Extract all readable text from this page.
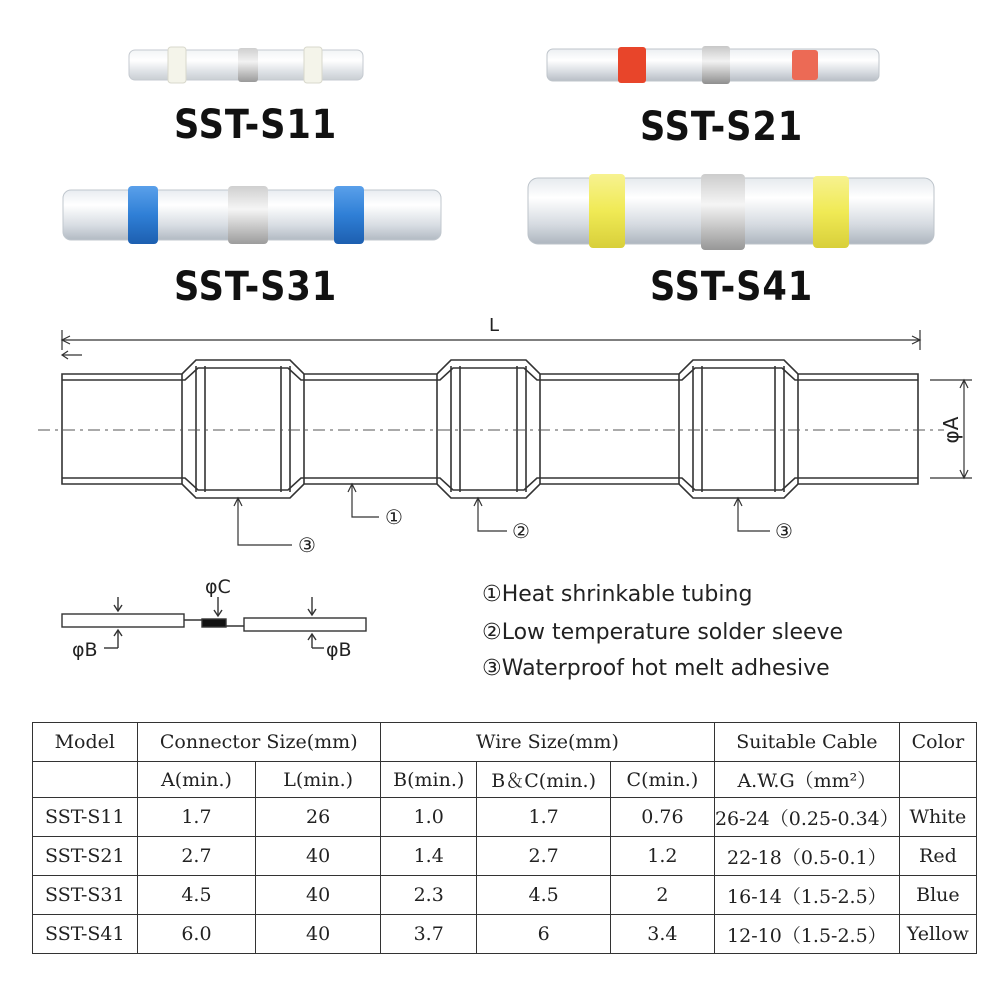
SST-S11	SST-S21
SST-S31	SST-S41
L
φA
③
①
②	③
φC
φB	φB
①Heat shrinkable tubing
②Low temperature solder sleeve
③Waterproof hot melt adhesive
Model	Connector Size(mm)		Wire Size(mm)			Suitable Cable	Color
	A(min.)	L(min.)	B(min.)	B＆C(min.)	C(min.)	A.W.G（mm²）	
SST-S11	1.7	26	1.0	1.7	0.76	26-24（0.25-0.34）	White
SST-S21	2.7	40	1.4	2.7	1.2	22-18（0.5-0.1）	Red
SST-S31	4.5	40	2.3	4.5	2	16-14（1.5-2.5）	Blue
SST-S41	6.0	40	3.7	6	3.4	12-10（1.5-2.5）	Yellow
